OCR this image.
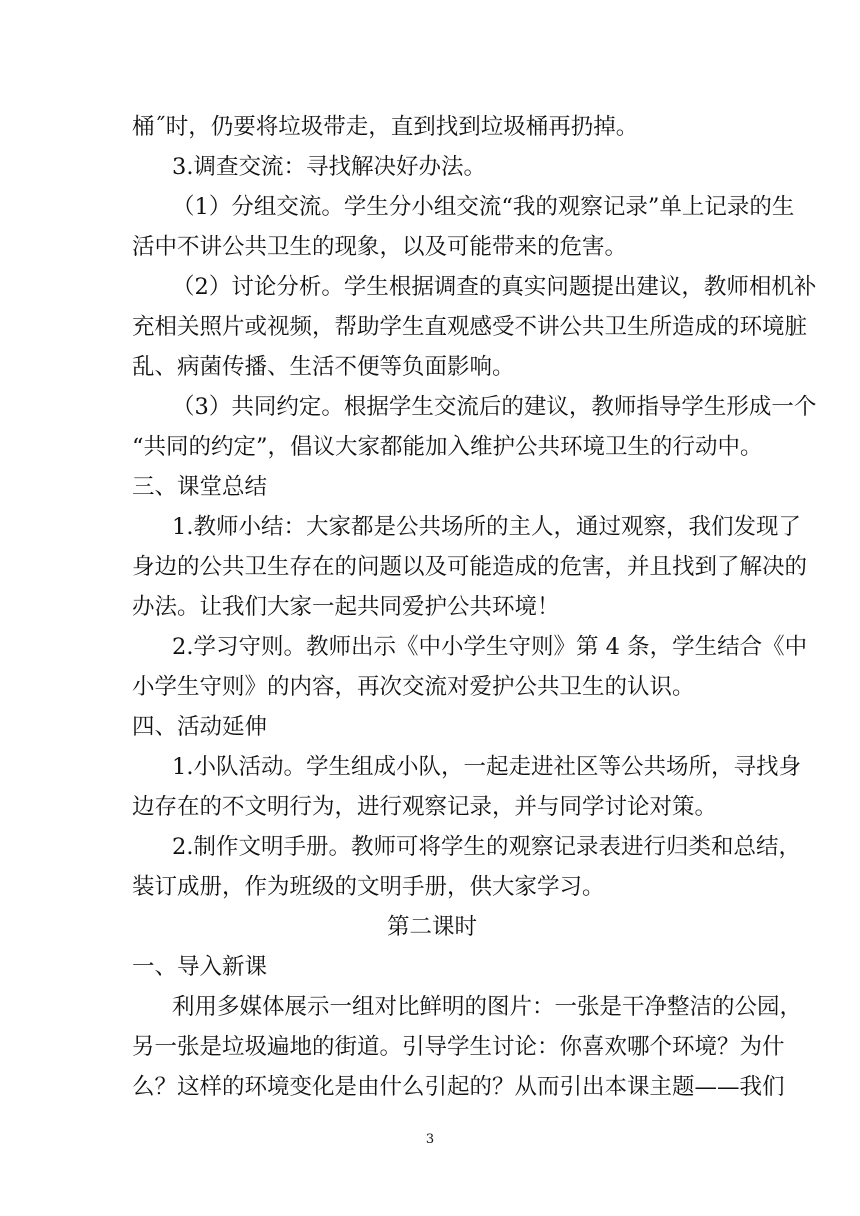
桶˝时，仍要将垃圾带走，直到找到垃圾桶再扔掉。
3.调查交流：寻找解决好办法。
（1）分组交流。学生分小组交流“我的观察记录”单上记录的生
活中不讲公共卫生的现象，以及可能带来的危害。
（2）讨论分析。学生根据调查的真实问题提出建议，教师相机补
充相关照片或视频，帮助学生直观感受不讲公共卫生所造成的环境脏
乱、病菌传播、生活不便等负面影响。
（3）共同约定。根据学生交流后的建议，教师指导学生形成一个
“共同的约定”，倡议大家都能加入维护公共环境卫生的行动中。
三、课堂总结
1.教师小结：大家都是公共场所的主人，通过观察，我们发现了
身边的公共卫生存在的问题以及可能造成的危害，并且找到了解决的
办法。让我们大家一起共同爱护公共环境！
2.学习守则。教师出示《中小学生守则》第 4 条，学生结合《中
小学生守则》的内容，再次交流对爱护公共卫生的认识。
四、活动延伸
1.小队活动。学生组成小队，一起走进社区等公共场所，寻找身
边存在的不文明行为，进行观察记录，并与同学讨论对策。
2.制作文明手册。教师可将学生的观察记录表进行归类和总结，
装订成册，作为班级的文明手册，供大家学习。
第二课时
一、导入新课
利用多媒体展示一组对比鲜明的图片：一张是干净整洁的公园，
另一张是垃圾遍地的街道。引导学生讨论：你喜欢哪个环境？为什
么？这样的环境变化是由什么引起的？从而引出本课主题——我们
3
